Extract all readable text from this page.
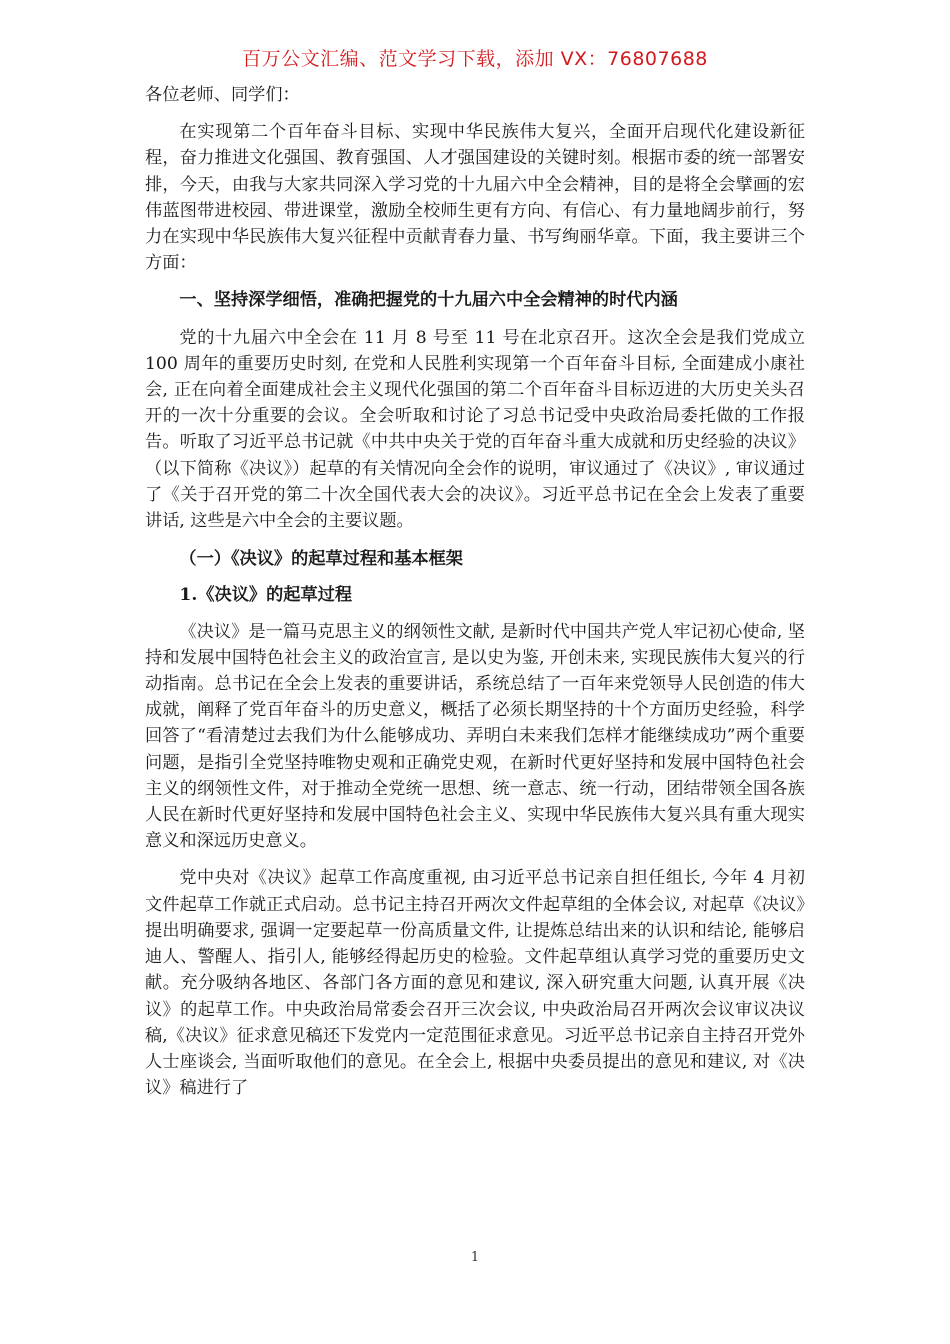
百万公文汇编、范文学习下载，添加 VX：76807688

各位老师、同学们：

在实现第二个百年奋斗目标、实现中华民族伟大复兴，全面开启现代化建设新征程，奋力推进文化强国、教育强国、人才强国建设的关键时刻。根据市委的统一部署安排，今天，由我与大家共同深入学习党的十九届六中全会精神，目的是将全会擘画的宏伟蓝图带进校园、带进课堂，激励全校师生更有方向、有信心、有力量地阔步前行，努力在实现中华民族伟大复兴征程中贡献青春力量、书写绚丽华章。下面，我主要讲三个方面：

一、坚持深学细悟，准确把握党的十九届六中全会精神的时代内涵

党的十九届六中全会在 11 月 8 号至 11 号在北京召开。这次全会是我们党成立 100 周年的重要历史时刻, 在党和人民胜利实现第一个百年奋斗目标, 全面建成小康社会, 正在向着全面建成社会主义现代化强国的第二个百年奋斗目标迈进的大历史关头召开的一次十分重要的会议。全会听取和讨论了习总书记受中央政治局委托做的工作报告。听取了习近平总书记就《中共中央关于党的百年奋斗重大成就和历史经验的决议》（以下简称《决议》）起草的有关情况向全会作的说明，审议通过了《决议》, 审议通过了《关于召开党的第二十次全国代表大会的决议》。习近平总书记在全会上发表了重要讲话, 这些是六中全会的主要议题。

（一）《决议》的起草过程和基本框架
1.《决议》的起草过程

《决议》是一篇马克思主义的纲领性文献, 是新时代中国共产党人牢记初心使命, 坚持和发展中国特色社会主义的政治宣言, 是以史为鉴, 开创未来, 实现民族伟大复兴的行动指南。总书记在全会上发表的重要讲话，系统总结了一百年来党领导人民创造的伟大成就，阐释了党百年奋斗的历史意义，概括了必须长期坚持的十个方面历史经验，科学回答了“看清楚过去我们为什么能够成功、弄明白未来我们怎样才能继续成功”两个重要问题，是指引全党坚持唯物史观和正确党史观，在新时代更好坚持和发展中国特色社会主义的纲领性文件，对于推动全党统一思想、统一意志、统一行动，团结带领全国各族人民在新时代更好坚持和发展中国特色社会主义、实现中华民族伟大复兴具有重大现实意义和深远历史意义。

党中央对《决议》起草工作高度重视, 由习近平总书记亲自担任组长, 今年 4 月初文件起草工作就正式启动。总书记主持召开两次文件起草组的全体会议, 对起草《决议》提出明确要求, 强调一定要起草一份高质量文件, 让提炼总结出来的认识和结论, 能够启迪人、警醒人、指引人, 能够经得起历史的检验。文件起草组认真学习党的重要历史文献。充分吸纳各地区、各部门各方面的意见和建议, 深入研究重大问题, 认真开展《决议》的起草工作。中央政治局常委会召开三次会议, 中央政治局召开两次会议审议决议稿,《决议》征求意见稿还下发党内一定范围征求意见。习近平总书记亲自主持召开党外人士座谈会, 当面听取他们的意见。在全会上, 根据中央委员提出的意见和建议, 对《决议》稿进行了

1
